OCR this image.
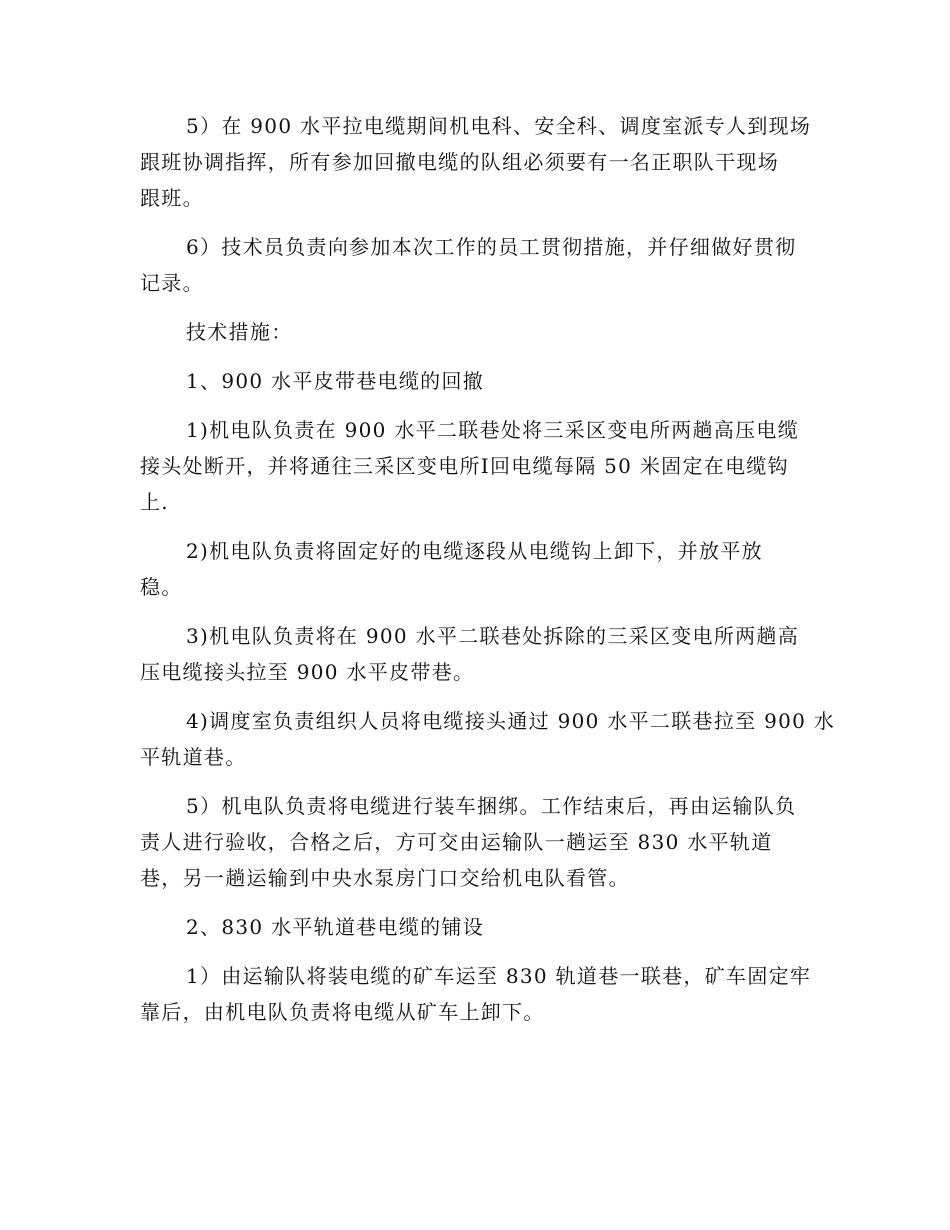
5）在 900 水平拉电缆期间机电科、安全科、调度室派专人到现场
跟班协调指挥，所有参加回撤电缆的队组必须要有一名正职队干现场
跟班。

6）技术员负责向参加本次工作的员工贯彻措施，并仔细做好贯彻
记录。

技术措施：

1、900 水平皮带巷电缆的回撤

1)机电队负责在 900 水平二联巷处将三采区变电所两趟高压电缆
接头处断开，并将通往三采区变电所Ⅰ回电缆每隔 50 米固定在电缆钩
上.

2)机电队负责将固定好的电缆逐段从电缆钩上卸下，并放平放
稳。

3)机电队负责将在 900 水平二联巷处拆除的三采区变电所两趟高
压电缆接头拉至 900 水平皮带巷。

4)调度室负责组织人员将电缆接头通过 900 水平二联巷拉至 900 水
平轨道巷。

5）机电队负责将电缆进行装车捆绑。工作结束后，再由运输队负
责人进行验收，合格之后，方可交由运输队一趟运至 830 水平轨道
巷，另一趟运输到中央水泵房门口交给机电队看管。

2、830 水平轨道巷电缆的铺设

1）由运输队将装电缆的矿车运至 830 轨道巷一联巷，矿车固定牢
靠后，由机电队负责将电缆从矿车上卸下。
